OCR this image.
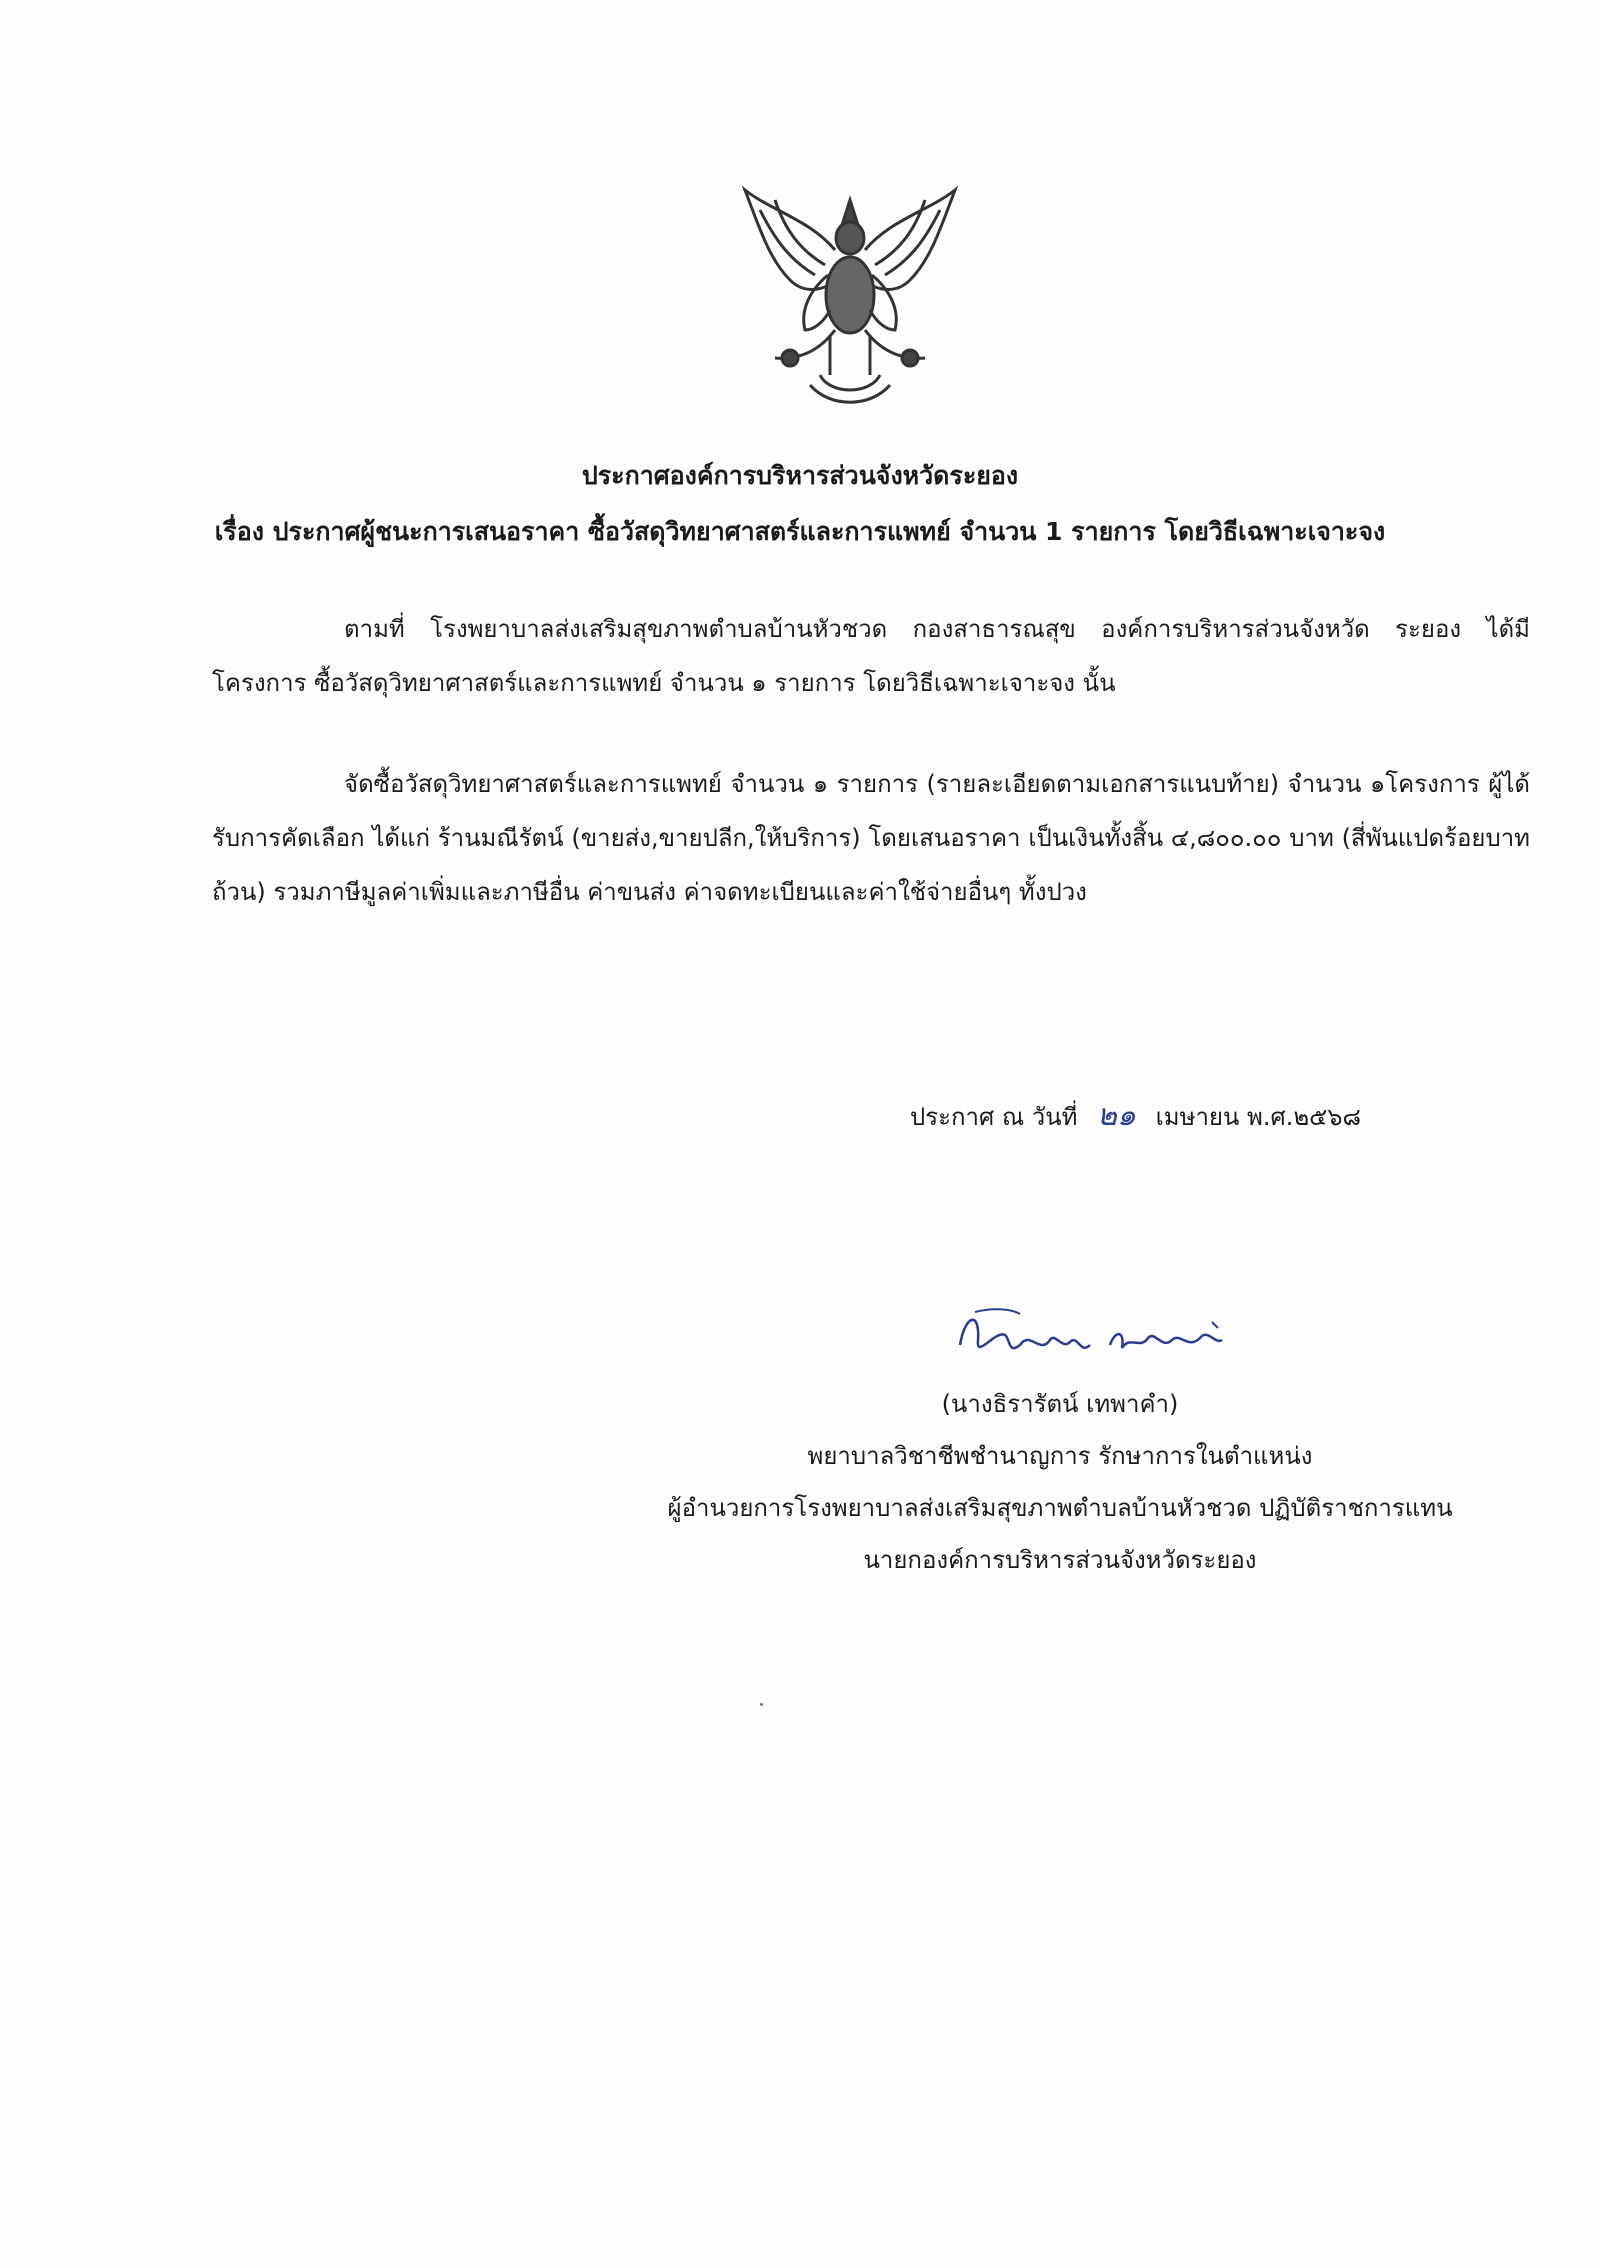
ประกาศองค์การบริหารส่วนจังหวัดระยอง
เรื่อง ประกาศผู้ชนะการเสนอราคา ซื้อวัสดุวิทยาศาสตร์และการแพทย์ จำนวน 1 รายการ โดยวิธีเฉพาะเจาะจง

ตามที่ โรงพยาบาลส่งเสริมสุขภาพตำบลบ้านหัวชวด กองสาธารณสุข องค์การบริหารส่วนจังหวัด ระยอง ได้มีโครงการ ซื้อวัสดุวิทยาศาสตร์และการแพทย์ จำนวน ๑ รายการ โดยวิธีเฉพาะเจาะจง นั้น

จัดซื้อวัสดุวิทยาศาสตร์และการแพทย์ จำนวน ๑ รายการ (รายละเอียดตามเอกสารแนบท้าย) จำนวน ๑โครงการ ผู้ได้รับการคัดเลือก ได้แก่ ร้านมณีรัตน์ (ขายส่ง,ขายปลีก,ให้บริการ) โดยเสนอราคา เป็นเงินทั้งสิ้น ๔,๘๐๐.๐๐ บาท (สี่พันแปดร้อยบาทถ้วน) รวมภาษีมูลค่าเพิ่มและภาษีอื่น ค่าขนส่ง ค่าจดทะเบียนและค่าใช้จ่ายอื่นๆ ทั้งปวง

ประกาศ ณ วันที่ ๒๑ เมษายน พ.ศ.๒๕๖๘
(นางธิรารัตน์ เทพาคำ)
พยาบาลวิชาชีพชำนาญการ รักษาการในตำแหน่ง
ผู้อำนวยการโรงพยาบาลส่งเสริมสุขภาพตำบลบ้านหัวชวด ปฏิบัติราชการแทน
นายกองค์การบริหารส่วนจังหวัดระยอง
